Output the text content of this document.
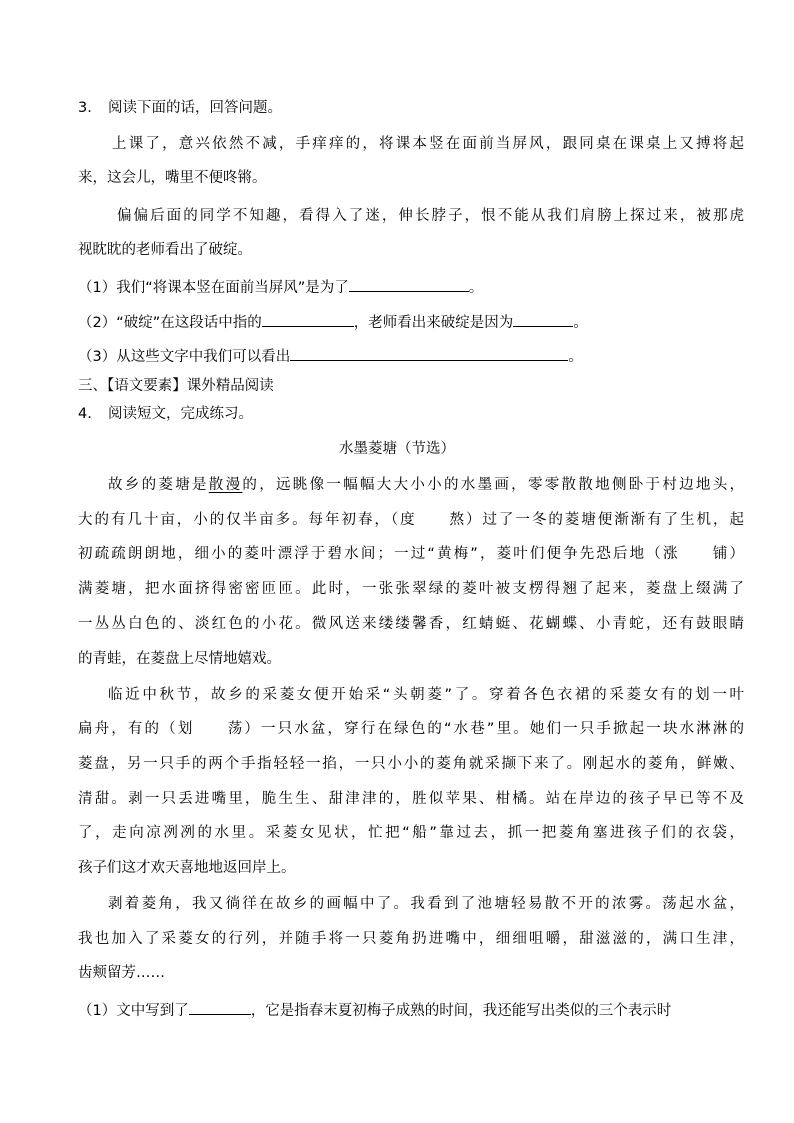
3. 阅读下面的话，回答问题。
上课了，意兴依然不减，手痒痒的，将课本竖在面前当屏风，跟同桌在课桌上又搏将起
来，这会儿，嘴里不便咚锵。
偏偏后面的同学不知趣，看得入了迷，伸长脖子，恨不能从我们肩膀上探过来，被那虎
视眈眈的老师看出了破绽。
（1）我们“将课本竖在面前当屏风”是为了	。
（2）“破绽”在这段话中指的	，老师看出来破绽是因为	。
（3）从这些文字中我们可以看出	。
三、【语文要素】课外精品阅读
4. 阅读短文，完成练习。
水墨菱塘（节选）
故乡的菱塘是散漫的，远眺像一幅幅大大小小的水墨画，零零散散地侧卧于村边地头，
大的有几十亩，小的仅半亩多。每年初春，（度　　熬）过了一冬的菱塘便渐渐有了生机，起
初疏疏朗朗地，细小的菱叶漂浮于碧水间；一过“黄梅”，菱叶们便争先恐后地（涨　　铺）
满菱塘，把水面挤得密密匝匝。此时，一张张翠绿的菱叶被支楞得翘了起来，菱盘上缀满了
一丛丛白色的、淡红色的小花。微风送来缕缕馨香，红蜻蜓、花蝴蝶、小青蛇，还有鼓眼睛
的青蛙，在菱盘上尽情地嬉戏。
临近中秋节，故乡的采菱女便开始采“头朝菱”了。穿着各色衣裙的采菱女有的划一叶
扁舟，有的（划　　荡）一只水盆，穿行在绿色的“水巷”里。她们一只手掀起一块水淋淋的
菱盘，另一只手的两个手指轻轻一掐，一只小小的菱角就采撷下来了。刚起水的菱角，鲜嫩、
清甜。剥一只丢进嘴里，脆生生、甜津津的，胜似苹果、柑橘。站在岸边的孩子早已等不及
了，走向凉冽冽的水里。采菱女见状，忙把“船”靠过去，抓一把菱角塞进孩子们的衣袋，
孩子们这才欢天喜地地返回岸上。
剥着菱角，我又徜徉在故乡的画幅中了。我看到了池塘轻易散不开的浓雾。荡起水盆，
我也加入了采菱女的行列，并随手将一只菱角扔进嘴中，细细咀嚼，甜滋滋的，满口生津，
齿颊留芳……
（1）文中写到了	，它是指春末夏初梅子成熟的时间，我还能写出类似的三个表示时
